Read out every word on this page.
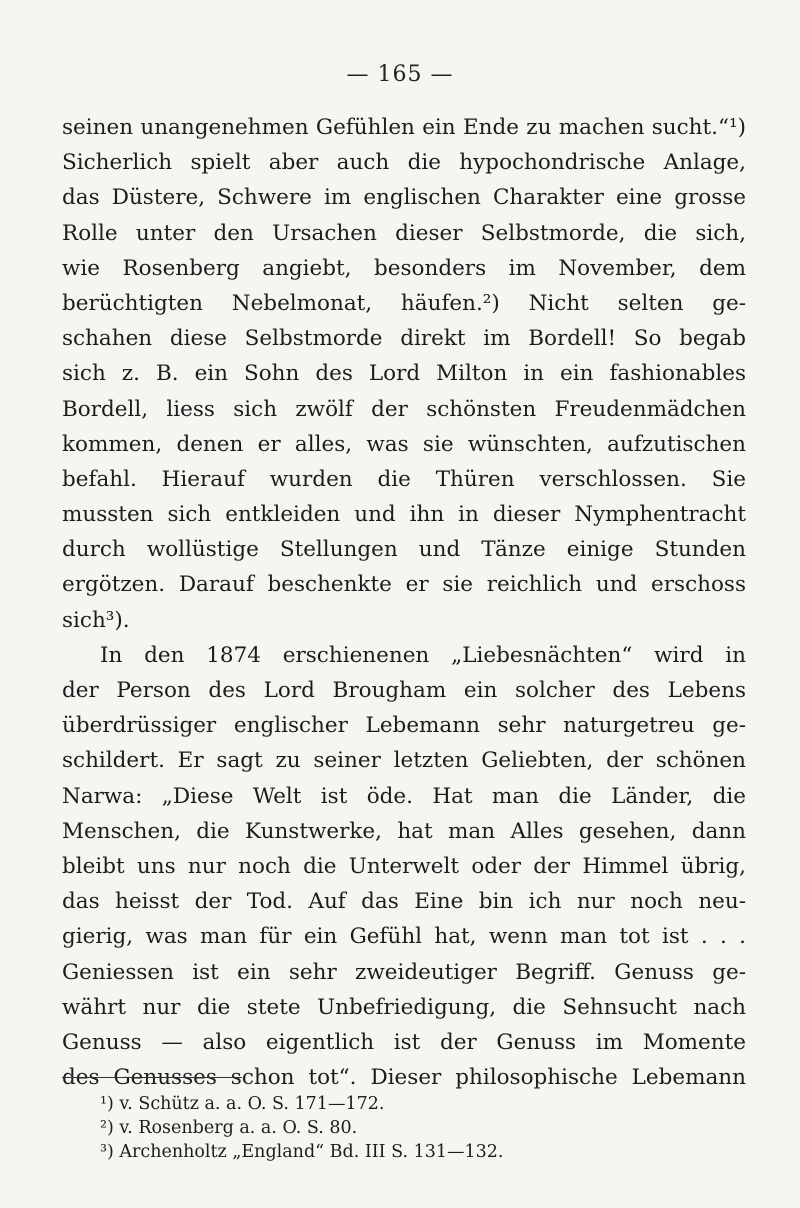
— 165 —
seinen unangenehmen Gefühlen ein Ende zu machen sucht.“¹)
Sicherlich spielt aber auch die hypochondrische Anlage,
das Düstere, Schwere im englischen Charakter eine grosse
Rolle unter den Ursachen dieser Selbstmorde, die sich,
wie Rosenberg angiebt, besonders im November, dem
berüchtigten Nebelmonat, häufen.²) Nicht selten ge-
schahen diese Selbstmorde direkt im Bordell! So begab
sich z. B. ein Sohn des Lord Milton in ein fashionables
Bordell, liess sich zwölf der schönsten Freudenmädchen
kommen, denen er alles, was sie wünschten, aufzutischen
befahl. Hierauf wurden die Thüren verschlossen. Sie
mussten sich entkleiden und ihn in dieser Nymphentracht
durch wollüstige Stellungen und Tänze einige Stunden
ergötzen. Darauf beschenkte er sie reichlich und erschoss
sich³).
In den 1874 erschienenen „Liebesnächten“ wird in
der Person des Lord Brougham ein solcher des Lebens
überdrüssiger englischer Lebemann sehr naturgetreu ge-
schildert. Er sagt zu seiner letzten Geliebten, der schönen
Narwa: „Diese Welt ist öde. Hat man die Länder, die
Menschen, die Kunstwerke, hat man Alles gesehen, dann
bleibt uns nur noch die Unterwelt oder der Himmel übrig,
das heisst der Tod. Auf das Eine bin ich nur noch neu-
gierig, was man für ein Gefühl hat, wenn man tot ist . . .
Geniessen ist ein sehr zweideutiger Begriff. Genuss ge-
währt nur die stete Unbefriedigung, die Sehnsucht nach
Genuss — also eigentlich ist der Genuss im Momente
des Genusses schon tot“. Dieser philosophische Lebemann
¹) v. Schütz a. a. O. S. 171—172.
²) v. Rosenberg a. a. O. S. 80.
³) Archenholtz „England“ Bd. III S. 131—132.
